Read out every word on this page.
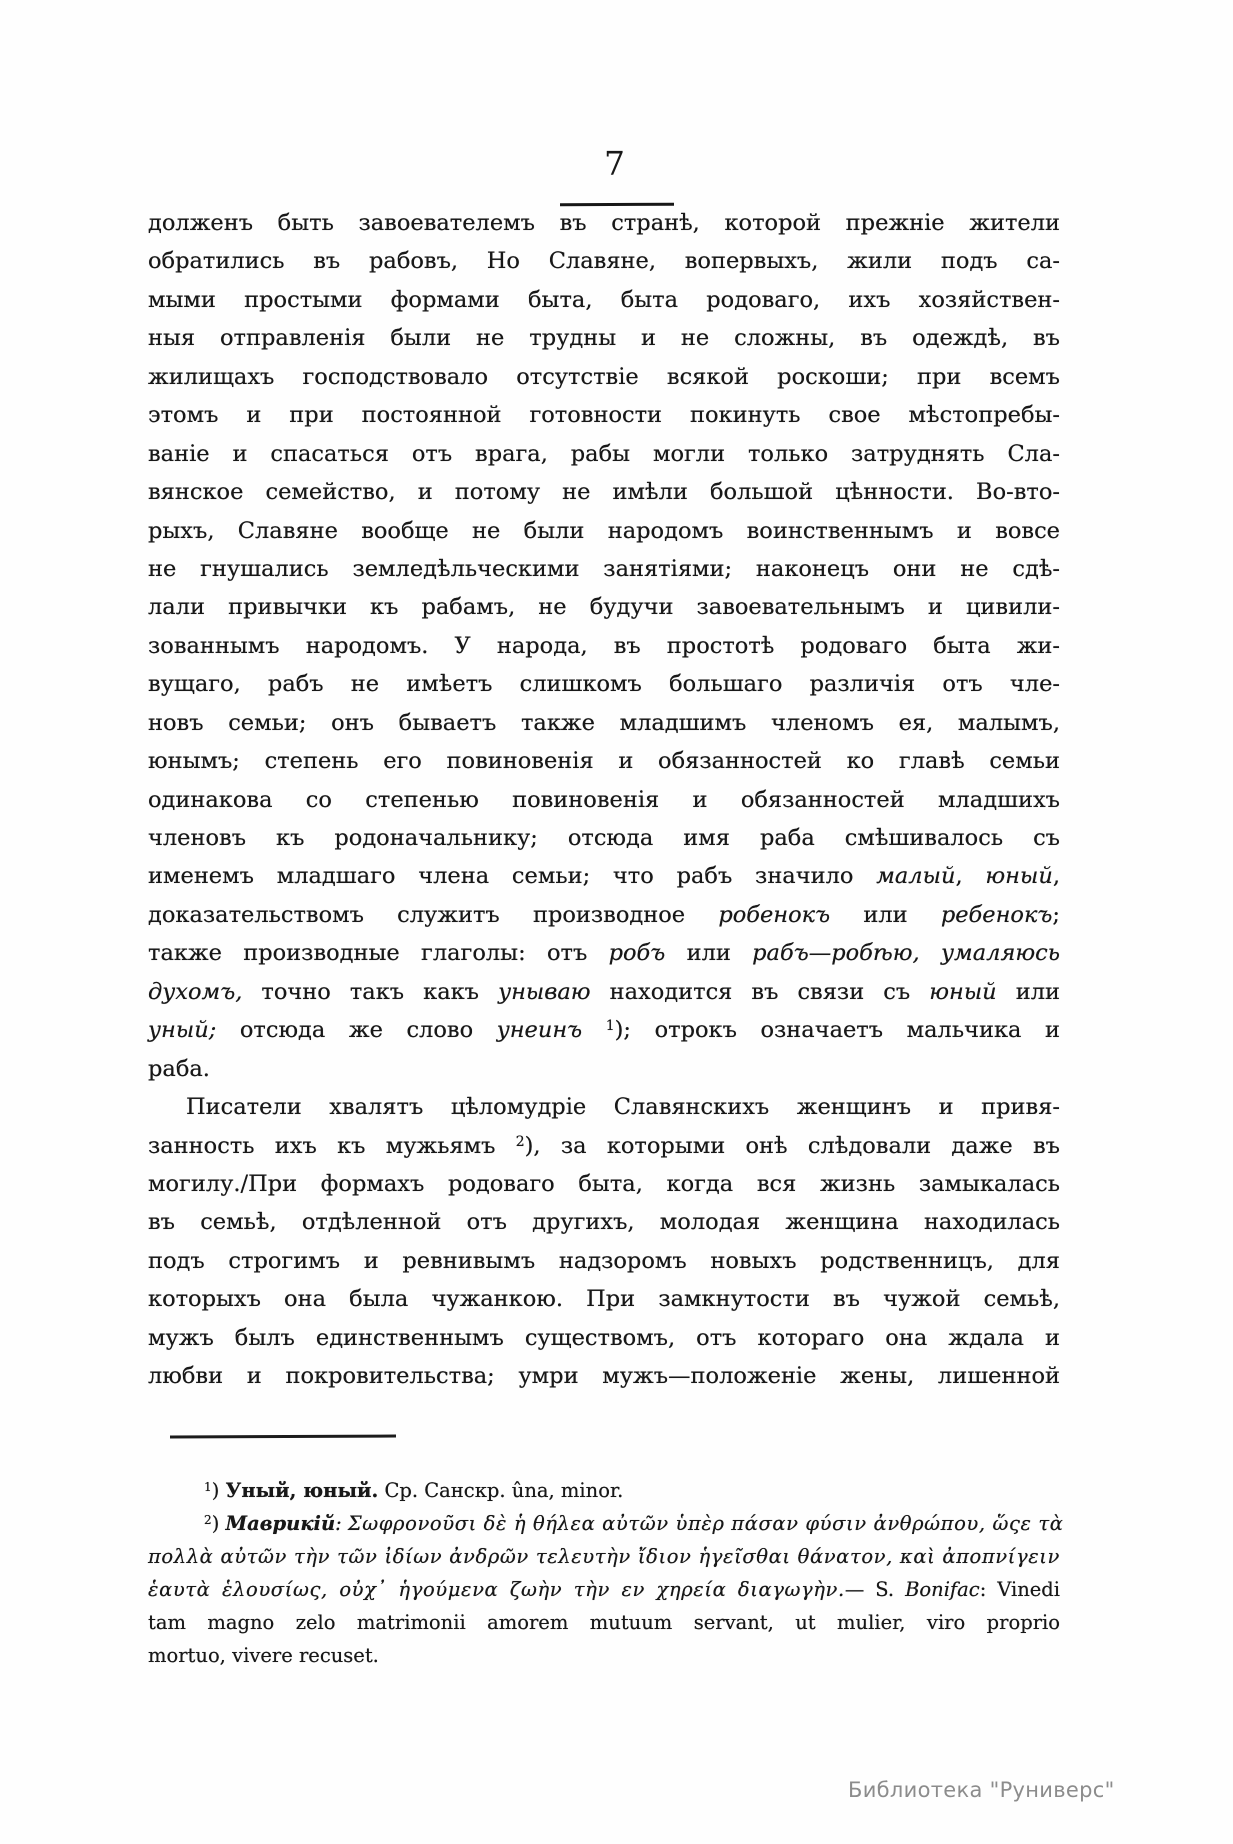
7
долженъ быть завоевателемъ въ странѣ, которой прежніе жители
обратились въ рабовъ, Но Славяне, вопервыхъ, жили подъ са-
мыми простыми формами быта, быта родоваго, ихъ хозяйствен-
ныя отправленія были не трудны и не сложны, въ одеждѣ, въ
жилищахъ господствовало отсутствіе всякой роскоши; при всемъ
этомъ и при постоянной готовности покинуть свое мѣстопребы-
ваніе и спасаться отъ врага, рабы могли только затруднять Сла-
вянское семейство, и потому не имѣли большой цѣнности. Во-вто-
рыхъ, Славяне вообще не были народомъ воинственнымъ и вовсе
не гнушались земледѣльческими занятіями; наконецъ они не сдѣ-
лали привычки къ рабамъ, не будучи завоевательнымъ и цивили-
зованнымъ народомъ. У народа, въ простотѣ родоваго быта жи-
вущаго, рабъ не имѣетъ слишкомъ большаго различія отъ чле-
новъ семьи; онъ бываетъ также младшимъ членомъ ея, малымъ,
юнымъ; степень его повиновенія и обязанностей ко главѣ семьи
одинакова со степенью повиновенія и обязанностей младшихъ
членовъ къ родоначальнику; отсюда имя раба смѣшивалось съ
именемъ младшаго члена семьи; что рабъ значило малый, юный,
доказательствомъ служитъ производное робенокъ или ребенокъ;
также производные глаголы: отъ робъ или рабъ—робѣю, умаляюсь
духомъ, точно такъ какъ унываю находится въ связи съ юный или
уный; отсюда же слово унеинъ $^1$); отрокъ означаетъ мальчика и
раба.
Писатели хвалятъ цѣломудріе Славянскихъ женщинъ и привя-
занность ихъ къ мужьямъ $^2$), за которыми онѣ слѣдовали даже въ
могилу./При формахъ родоваго быта, когда вся жизнь замыкалась
въ семьѣ, отдѣленной отъ другихъ, молодая женщина находилась
подъ строгимъ и ревнивымъ надзоромъ новыхъ родственницъ, для
которыхъ она была чужанкою. При замкнутости въ чужой семьѣ,
мужъ былъ единственнымъ существомъ, отъ котораго она ждала и
любви и покровительства; умри мужъ—положеніе жены, лишенной
$^1$) Уный, юный. Ср. Санскр. ûna, minor.
$^2$) Маврикій: Σωφρονοῦσι δὲ ἡ θήλεα αὐτῶν ὑπὲρ πάσαν φύσιν ἀνθρώπου, ὥςε τὰ
πολλὰ αὐτῶν τὴν τῶν ἰδίων ἀνδρῶν τελευτὴν ἴδιον ἡγεῖσθαι θάνατον, καὶ ἀποπνίγειν
ἑαυτὰ ἑλουσίως, οὐχ᾽ ἡγούμενα ζωὴν τὴν εν χηρεία διαγωγὴν.— S. Bonifac: Vinedi
tam magno zelo matrimonii amorem mutuum servant, ut mulier, viro proprio
mortuo, vivere recuset.
Библиотека "Руниверс"
